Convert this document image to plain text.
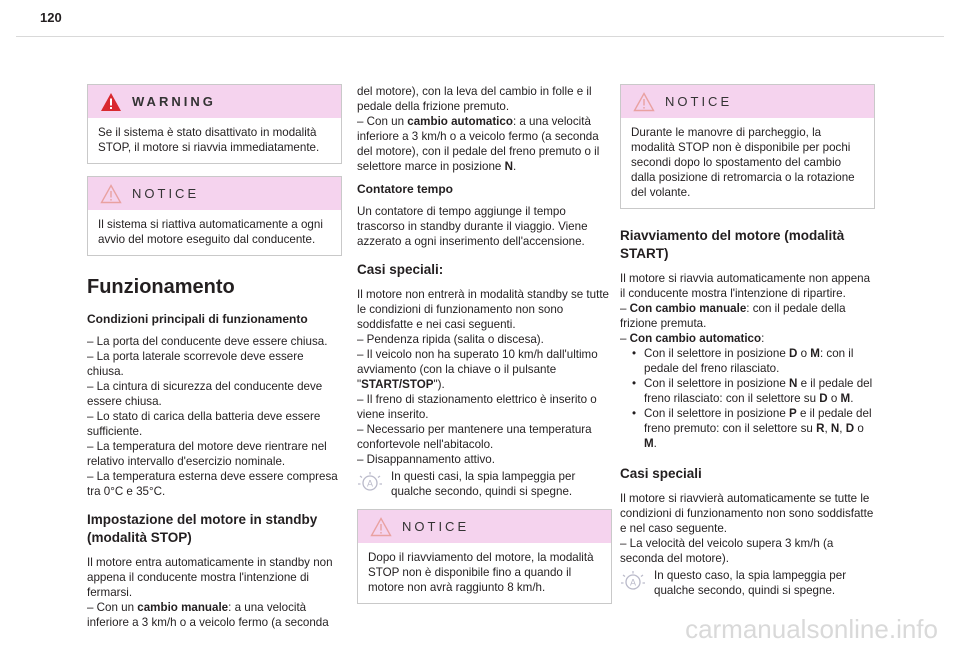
120
WARNING

Se il sistema è stato disattivato in modalità STOP, il motore si riavvia immediatamente.

NOTICE

Il sistema si riattiva automaticamente a ogni avvio del motore eseguito dal conducente.

Funzionamento
Condizioni principali di funzionamento

– La porta del conducente deve essere chiusa.

– La porta laterale scorrevole deve essere chiusa.

– La cintura di sicurezza del conducente deve essere chiusa.

– Lo stato di carica della batteria deve essere sufficiente.

– La temperatura del motore deve rientrare nel relativo intervallo d'esercizio nominale.

– La temperatura esterna deve essere compresa tra 0°C e 35°C.

Impostazione del motore in standby (modalità STOP)

Il motore entra automaticamente in standby non appena il conducente mostra l'intenzione di fermarsi.

– Con un cambio manuale: a una velocità inferiore a 3 km/h o a veicolo fermo (a seconda

del motore), con la leva del cambio in folle e il pedale della frizione premuto.

– Con un cambio automatico: a una velocità inferiore a 3 km/h o a veicolo fermo (a seconda del motore), con il pedale del freno premuto o il selettore marce in posizione N.

Contatore tempo

Un contatore di tempo aggiunge il tempo trascorso in standby durante il viaggio. Viene azzerato a ogni inserimento dell'accensione.

Casi speciali:

Il motore non entrerà in modalità standby se tutte le condizioni di funzionamento non sono soddisfatte e nei casi seguenti.

– Pendenza ripida (salita o discesa).

– Il veicolo non ha superato 10 km/h dall'ultimo avviamento (con la chiave o il pulsante "START/STOP").

– Il freno di stazionamento elettrico è inserito o viene inserito.

– Necessario per mantenere una temperatura confortevole nell'abitacolo.

– Disappannamento attivo.

A
In questi casi, la spia lampeggia per qualche secondo, quindi si spegne.
NOTICE

Dopo il riavviamento del motore, la modalità STOP non è disponibile fino a quando il motore non avrà raggiunto 8 km/h.

NOTICE

Durante le manovre di parcheggio, la modalità STOP non è disponibile per pochi secondi dopo lo spostamento del cambio dalla posizione di retromarcia o la rotazione del volante.

Riavviamento del motore (modalità START)

Il motore si riavvia automaticamente non appena il conducente mostra l'intenzione di ripartire.

– Con cambio manuale: con il pedale della frizione premuta.

– Con cambio automatico:

• Con il selettore in posizione D o M: con il pedale del freno rilasciato.

• Con il selettore in posizione N e il pedale del freno rilasciato: con il selettore su D o M.

• Con il selettore in posizione P e il pedale del freno premuto: con il selettore su R, N, D o M.

Casi speciali

Il motore si riavvierà automaticamente se tutte le condizioni di funzionamento non sono soddisfatte e nel caso seguente.

– La velocità del veicolo supera 3 km/h (a seconda del motore).

A
In questo caso, la spia lampeggia per qualche secondo, quindi si spegne.
carmanualsonline.info
